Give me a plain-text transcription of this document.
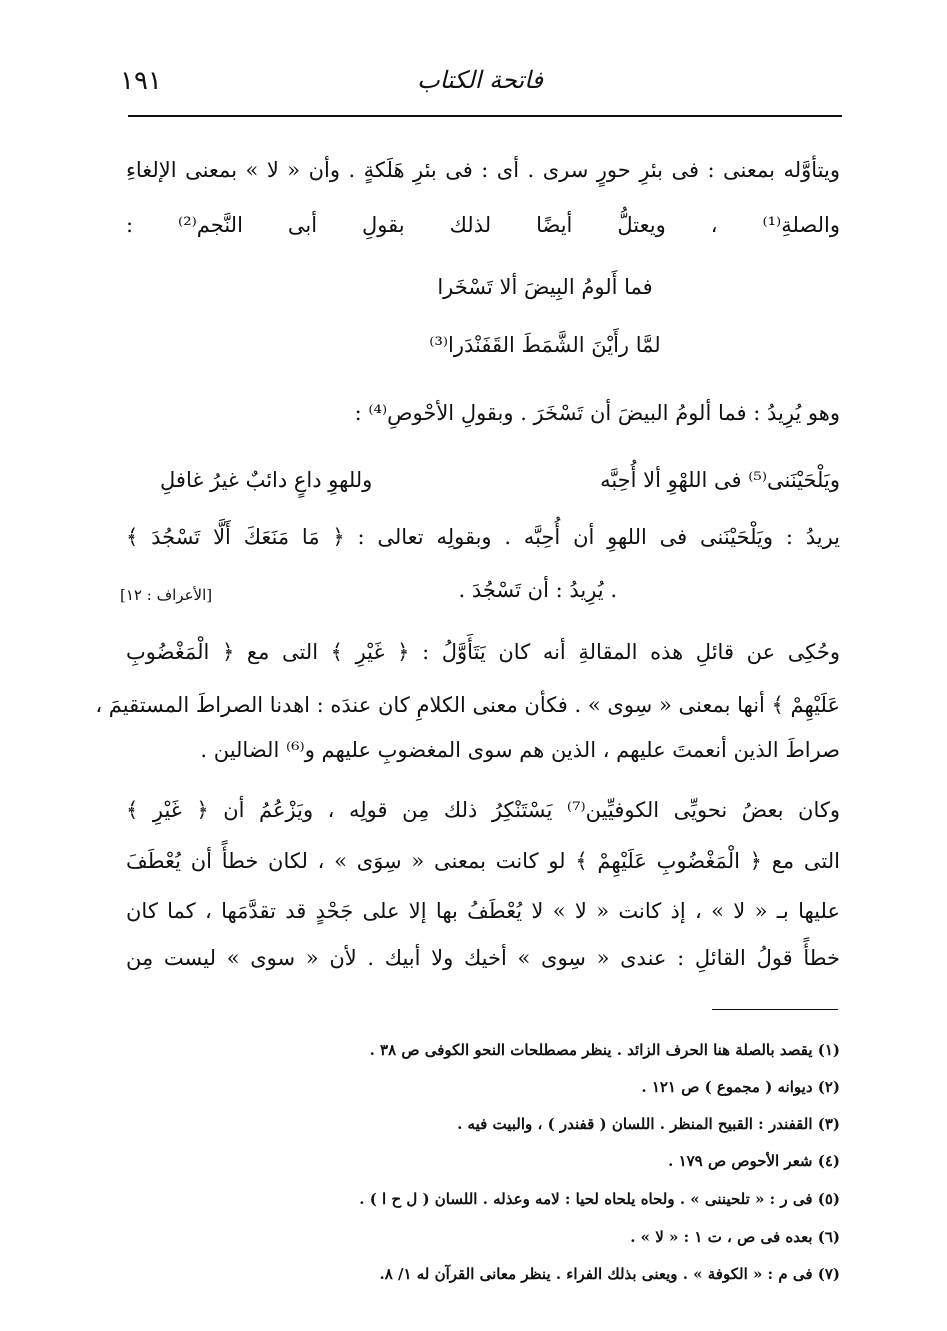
١٩١	فاتحة الكتاب
ويتأوَّله بمعنى : فى بئرِ حورٍ سرى . أى : فى بئرِ هَلَكةٍ . وأن « لا » بمعنى الإلغاءِ
والصلةِ⁽¹⁾ ، ويعتلُّ أيضًا لذلك بقولِ أبى النَّجم⁽²⁾ :
فما أَلومُ البِيضَ ألا تَسْخَرا
لمَّا رأَيْنَ الشَّمَطَ القَفَنْدَرا⁽³⁾
وهو يُرِيدُ : فما ألومُ البيضَ أن تَسْخَرَ . وبقولِ الأحْوصِ⁽⁴⁾ :
ويَلْحَيْنَنى⁽⁵⁾ فى اللهْوِ ألا أُحِبَّه
وللهوِ داعٍ دائبٌ غيرُ غافلِ
يريدُ : ويَلْحَيْنَنى فى اللهوِ أن أُحِبَّه . وبقولِه تعالى : ﴿ مَا مَنَعَكَ أَلَّا تَسْجُدَ ﴾
. يُرِيدُ : أن تَسْجُدَ .
[الأعراف : ١٢]
وحُكِى عن قائلِ هذه المقالةِ أنه كان يَتَأَوَّلُ : ﴿ غَيْرِ ﴾ التى مع ﴿ الْمَغْضُوبِ
عَلَيْهِمْ ﴾ أنها بمعنى « سِوى » . فكأن معنى الكلامِ كان عندَه : اهدنا الصراطَ المستقيمَ ،
صراطَ الذين أنعمتَ عليهم ، الذين هم سوى المغضوبِ عليهم و⁽⁶⁾ الضالين .
وكان بعضُ نحويِّى الكوفيِّين⁽⁷⁾ يَسْتَنْكِرُ ذلك مِن قولِه ، ويَزْعُمُ أن ﴿ غَيْرِ ﴾
التى مع ﴿ الْمَغْضُوبِ عَلَيْهِمْ ﴾ لو كانت بمعنى « سِوَى » ، لكان خطأً أن يُعْطَفَ
عليها بـ « لا » ، إذ كانت « لا » لا يُعْطَفُ بها إلا على جَحْدٍ قد تقدَّمَها ، كما كان
خطأً قولُ القائلِ : عندى « سِوى » أخيك ولا أبيك . لأن « سوى » ليست مِن
(١) يقصد بالصلة هنا الحرف الزائد . ينظر مصطلحات النحو الكوفى ص ٣٨ .
(٢) ديوانه ( مجموع ) ص ١٢١ .
(٣) القفندر : القبيح المنظر . اللسان ( قفندر ) ، والبيت فيه .
(٤) شعر الأحوص ص ١٧٩ .
(٥) فى ر : « تلحيننى » . ولحاه يلحاه لحيا : لامه وعذله . اللسان ( ل ح ا ) .
(٦) بعده فى ص ، ت ١ : « لا » .
(٧) فى م : « الكوفة » . ويعنى بذلك الفراء . ينظر معانى القرآن له ١/ ٨.
